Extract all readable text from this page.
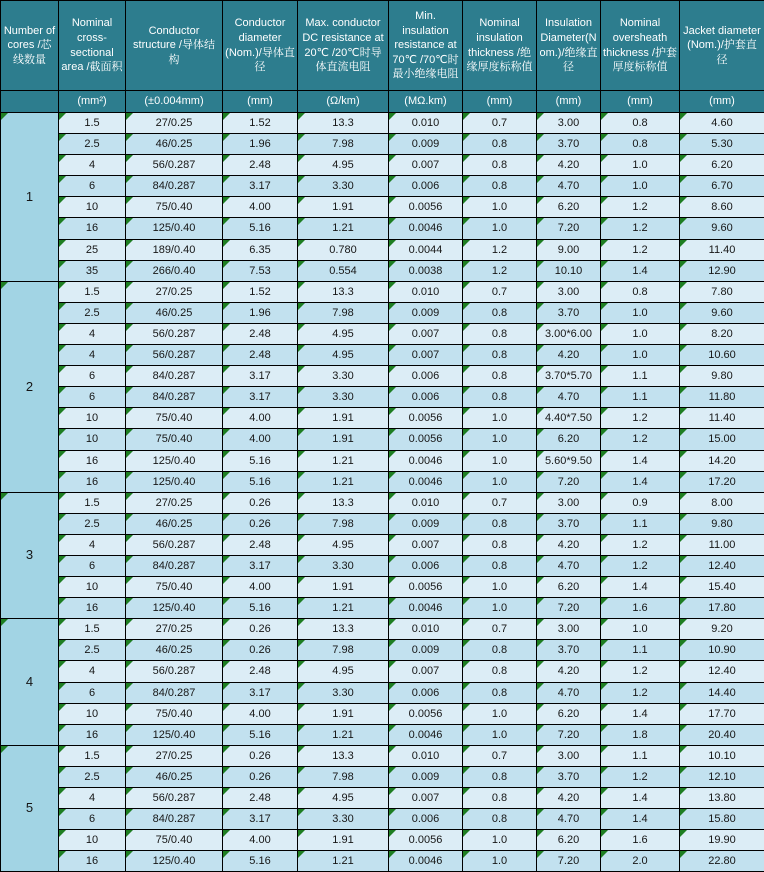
Number of cores /芯线数量	Nominal cross-sectional area /截面积	Conductor structure /导体结构	Conductor diameter (Nom.)/导体直径	Max. conductor DC resistance at 20℃ /20℃时导体直流电阻	Min. insulation resistance at 70℃ /70℃时最小绝缘电阻	Nominal insulation thickness /绝缘厚度标称值	Insulation Diameter(Nom.)/绝缘直径	Nominal oversheath thickness /护套厚度标称值	Jacket diameter (Nom.)/护套直径
	(mm²)	(±0.004mm)	(mm)	(Ω/km)	(MΩ.km)	(mm)	(mm)	(mm)	(mm)
1	1.5	27/0.25	1.52	13.3	0.010	0.7	3.00	0.8	4.60

	2.5	46/0.25	1.96	7.98	0.009	0.8	3.70	0.8	5.30

	4	56/0.287	2.48	4.95	0.007	0.8	4.20	1.0	6.20

	6	84/0.287	3.17	3.30	0.006	0.8	4.70	1.0	6.70

	10	75/0.40	4.00	1.91	0.0056	1.0	6.20	1.2	8.60

	16	125/0.40	5.16	1.21	0.0046	1.0	7.20	1.2	9.60

	25	189/0.40	6.35	0.780	0.0044	1.2	9.00	1.2	11.40

	35	266/0.40	7.53	0.554	0.0038	1.2	10.10	1.4	12.90

2	1.5	27/0.25	1.52	13.3	0.010	0.7	3.00	0.8	7.80

	2.5	46/0.25	1.96	7.98	0.009	0.8	3.70	1.0	9.60

	4	56/0.287	2.48	4.95	0.007	0.8	3.00*6.00	1.0	8.20

	4	56/0.287	2.48	4.95	0.007	0.8	4.20	1.0	10.60

	6	84/0.287	3.17	3.30	0.006	0.8	3.70*5.70	1.1	9.80

	6	84/0.287	3.17	3.30	0.006	0.8	4.70	1.1	11.80

	10	75/0.40	4.00	1.91	0.0056	1.0	4.40*7.50	1.2	11.40

	10	75/0.40	4.00	1.91	0.0056	1.0	6.20	1.2	15.00

	16	125/0.40	5.16	1.21	0.0046	1.0	5.60*9.50	1.4	14.20

	16	125/0.40	5.16	1.21	0.0046	1.0	7.20	1.4	17.20

3	1.5	27/0.25	0.26	13.3	0.010	0.7	3.00	0.9	8.00

	2.5	46/0.25	0.26	7.98	0.009	0.8	3.70	1.1	9.80

	4	56/0.287	2.48	4.95	0.007	0.8	4.20	1.2	11.00

	6	84/0.287	3.17	3.30	0.006	0.8	4.70	1.2	12.40

	10	75/0.40	4.00	1.91	0.0056	1.0	6.20	1.4	15.40

	16	125/0.40	5.16	1.21	0.0046	1.0	7.20	1.6	17.80

4	1.5	27/0.25	0.26	13.3	0.010	0.7	3.00	1.0	9.20

	2.5	46/0.25	0.26	7.98	0.009	0.8	3.70	1.1	10.90

	4	56/0.287	2.48	4.95	0.007	0.8	4.20	1.2	12.40

	6	84/0.287	3.17	3.30	0.006	0.8	4.70	1.2	14.40

	10	75/0.40	4.00	1.91	0.0056	1.0	6.20	1.4	17.70

	16	125/0.40	5.16	1.21	0.0046	1.0	7.20	1.8	20.40

5	1.5	27/0.25	0.26	13.3	0.010	0.7	3.00	1.1	10.10

	2.5	46/0.25	0.26	7.98	0.009	0.8	3.70	1.2	12.10

	4	56/0.287	2.48	4.95	0.007	0.8	4.20	1.4	13.80

	6	84/0.287	3.17	3.30	0.006	0.8	4.70	1.4	15.80

	10	75/0.40	4.00	1.91	0.0056	1.0	6.20	1.6	19.90

	16	125/0.40	5.16	1.21	0.0046	1.0	7.20	2.0	22.80
